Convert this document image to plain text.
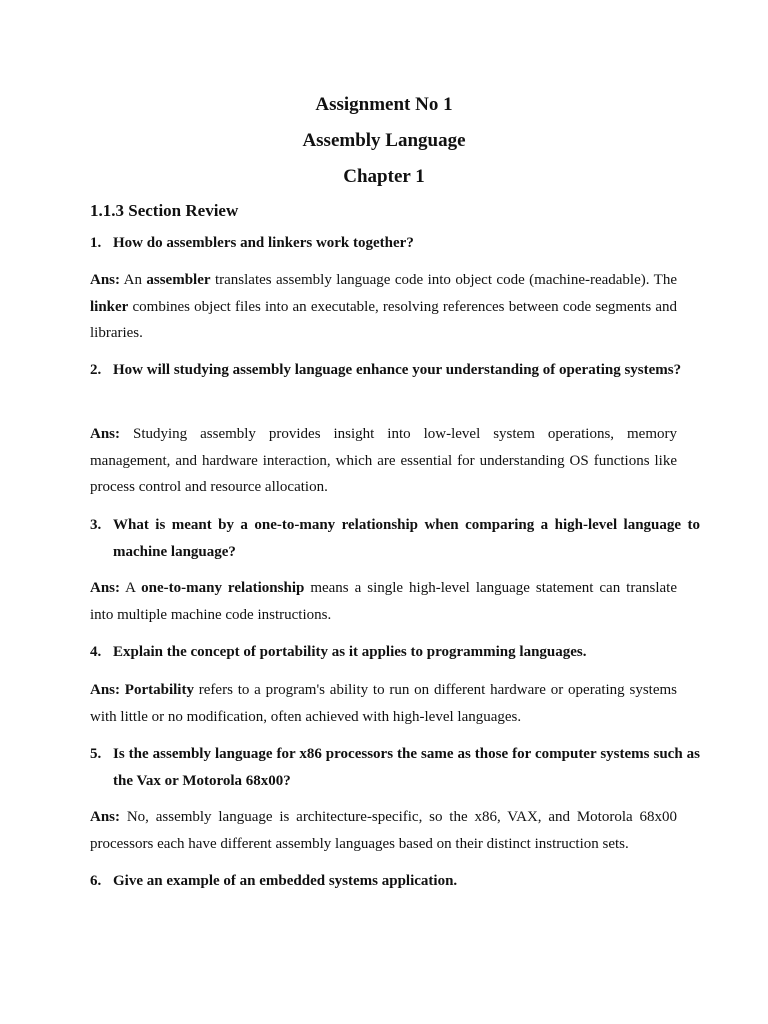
Assignment No 1
Assembly Language
Chapter 1
1.1.3 Section Review
1. How do assemblers and linkers work together?
Ans: An assembler translates assembly language code into object code (machine-readable). The linker combines object files into an executable, resolving references between code segments and libraries.
2. How will studying assembly language enhance your understanding of operating systems?
Ans: Studying assembly provides insight into low-level system operations, memory management, and hardware interaction, which are essential for understanding OS functions like process control and resource allocation.
3. What is meant by a one-to-many relationship when comparing a high-level language to machine language?
Ans: A one-to-many relationship means a single high-level language statement can translate into multiple machine code instructions.
4. Explain the concept of portability as it applies to programming languages.
Ans: Portability refers to a program's ability to run on different hardware or operating systems with little or no modification, often achieved with high-level languages.
5. Is the assembly language for x86 processors the same as those for computer systems such as the Vax or Motorola 68x00?
Ans: No, assembly language is architecture-specific, so the x86, VAX, and Motorola 68x00 processors each have different assembly languages based on their distinct instruction sets.
6. Give an example of an embedded systems application.
